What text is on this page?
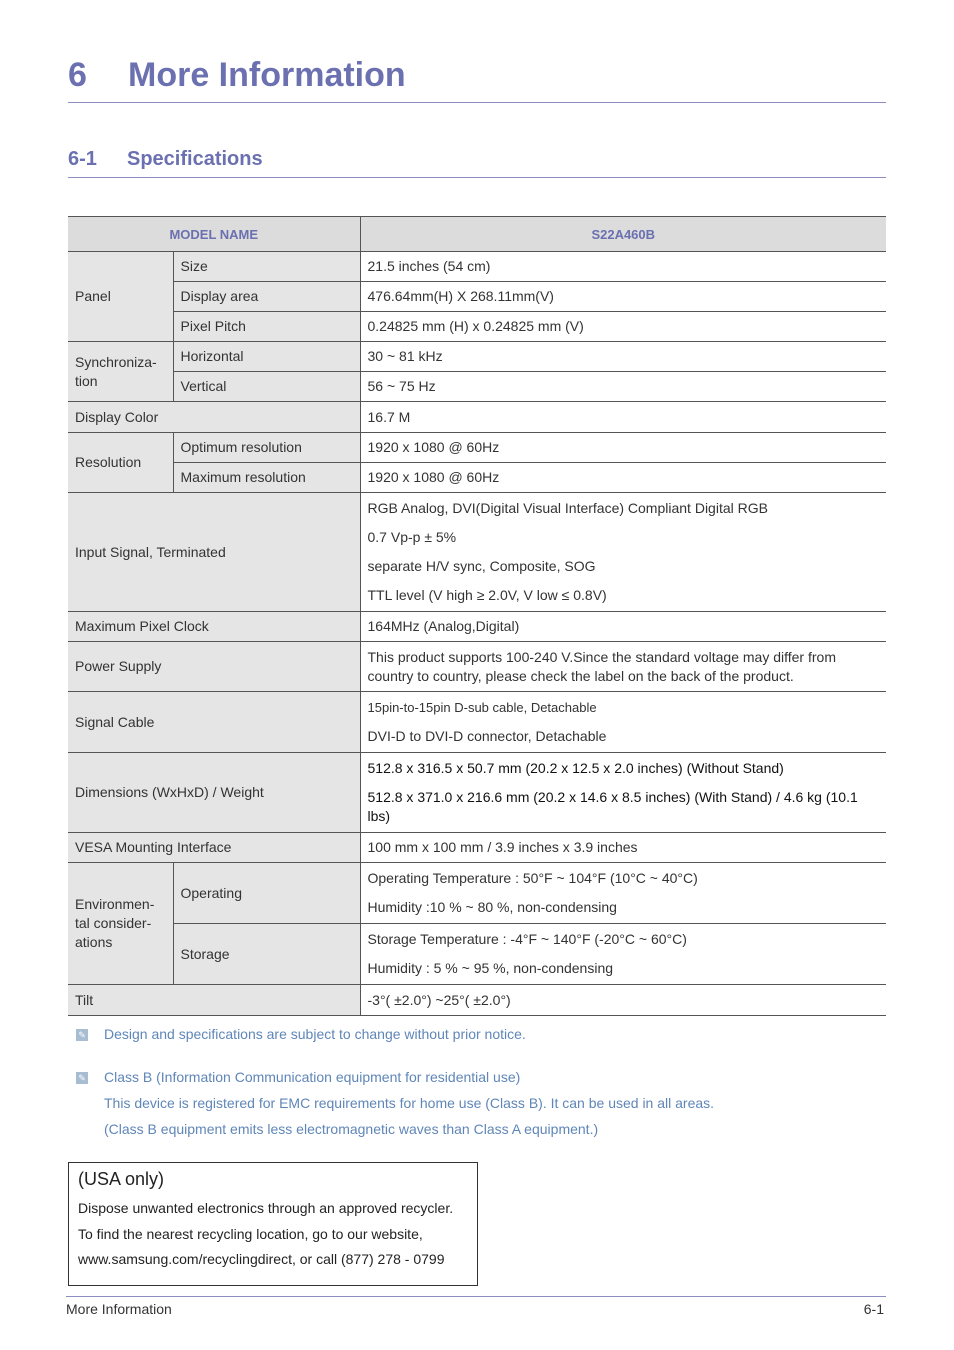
6 More Information
6-1 Specifications
MODEL NAME		S22A460B
Panel	Size	21.5 inches (54 cm)
	Display area	476.64mm(H) X 268.11mm(V)
	Pixel Pitch	0.24825 mm (H) x 0.24825 mm (V)
Synchroniza-tion	Horizontal	30 ~ 81 kHz
	Vertical	56 ~ 75 Hz
Display Color		16.7 M
Resolution	Optimum resolution	1920 x 1080 @ 60Hz
	Maximum resolution	1920 x 1080 @ 60Hz
Input Signal, Terminated		RGB Analog, DVI(Digital Visual Interface) Compliant Digital RGB

0.7 Vp-p ± 5%

separate H/V sync, Composite, SOG

TTL level (V high ≥ 2.0V, V low ≤ 0.8V)

Maximum Pixel Clock		164MHz (Analog,Digital)
Power Supply		This product supports 100-240 V.Since the standard voltage may differ from country to country, please check the label on the back of the product.
Signal Cable		15pin-to-15pin D-sub cable, Detachable

DVI-D to DVI-D connector, Detachable

Dimensions (WxHxD) / Weight		512.8 x 316.5 x 50.7 mm (20.2 x 12.5 x 2.0 inches) (Without Stand)

512.8 x 371.0 x 216.6 mm (20.2 x 14.6 x 8.5 inches) (With Stand) / 4.6 kg (10.1 lbs)

VESA Mounting Interface		100 mm x 100 mm / 3.9 inches x 3.9 inches
Environmen-tal consider-ations	Operating	Operating Temperature : 50°F ~ 104°F (10°C ~ 40°C)

Humidity :10 % ~ 80 %, non-condensing

	Storage	Storage Temperature : -4°F ~ 140°F (-20°C ~ 60°C)

Humidity : 5 % ~ 95 %, non-condensing

Tilt		-3°( ±2.0°) ~25°( ±2.0°)
✎ Design and specifications are subject to change without prior notice.
✎ Class B (Information Communication equipment for residential use)
This device is registered for EMC requirements for home use (Class B). It can be used in all areas.
(Class B equipment emits less electromagnetic waves than Class A equipment.)
(USA only)
Dispose unwanted electronics through an approved recycler.
To find the nearest recycling location, go to our website,
www.samsung.com/recyclingdirect, or call (877) 278 - 0799
More Information	6-1
